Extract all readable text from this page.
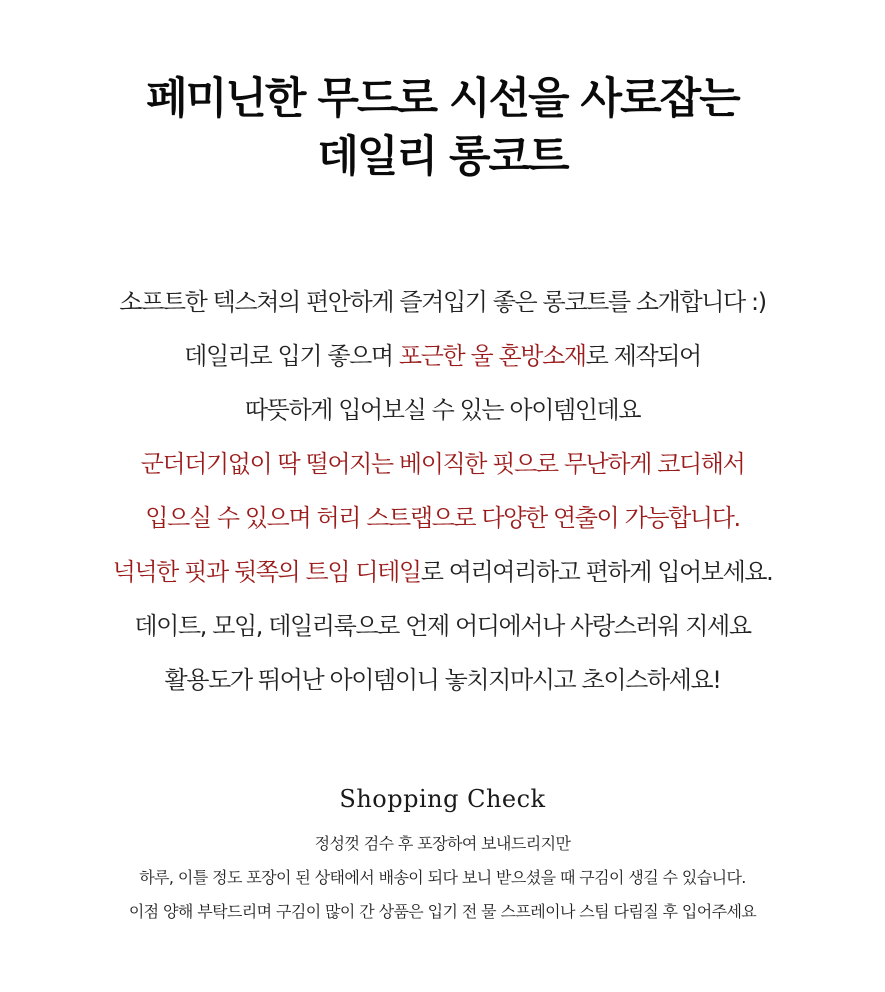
페미닌한 무드로 시선을 사로잡는
데일리 롱코트
소프트한 텍스쳐의 편안하게 즐겨입기 좋은 롱코트를 소개합니다 :)
데일리로 입기 좋으며 포근한 울 혼방소재로 제작되어
따뜻하게 입어보실 수 있는 아이템인데요
군더더기없이 딱 떨어지는 베이직한 핏으로 무난하게 코디해서
입으실 수 있으며 허리 스트랩으로 다양한 연출이 가능합니다.
넉넉한 핏과 뒷쪽의 트임 디테일로 여리여리하고 편하게 입어보세요.
데이트, 모임, 데일리룩으로 언제 어디에서나 사랑스러워 지세요
활용도가 뛰어난 아이템이니 놓치지마시고 초이스하세요!
Shopping Check
정성껏 검수 후 포장하여 보내드리지만
하루, 이틀 정도 포장이 된 상태에서 배송이 되다 보니 받으셨을 때 구김이 생길 수 있습니다.
이점 양해 부탁드리며 구김이 많이 간 상품은 입기 전 물 스프레이나 스팀 다림질 후 입어주세요
